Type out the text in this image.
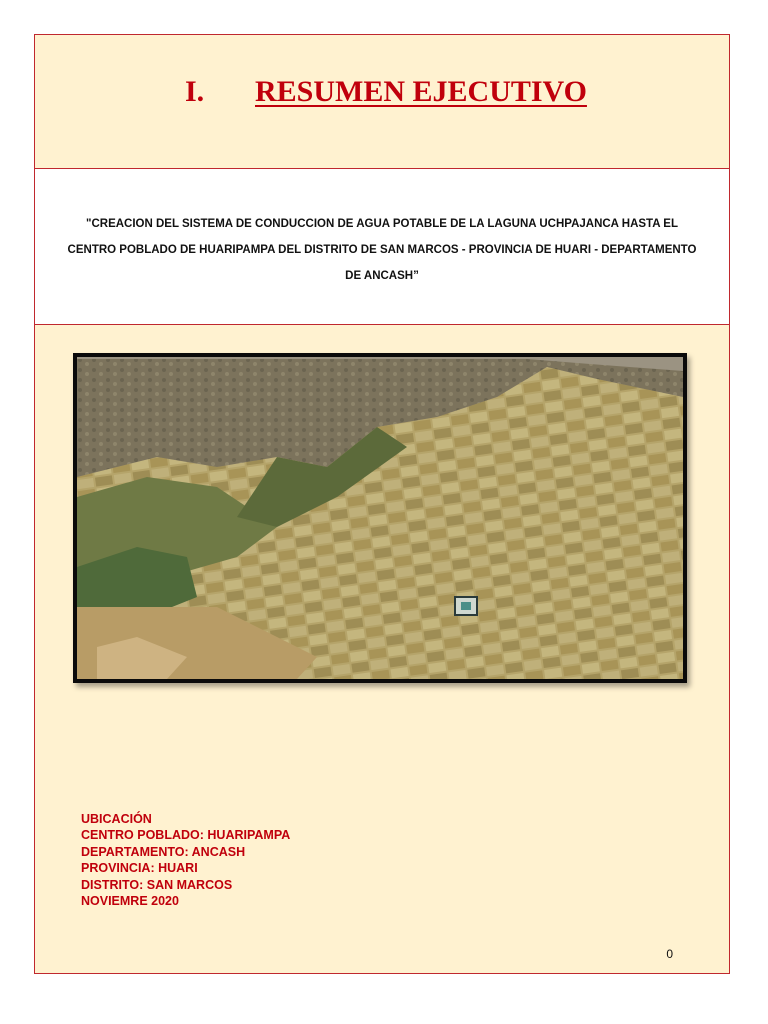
I. RESUMEN EJECUTIVO

"CREACION DEL SISTEMA DE CONDUCCION DE AGUA POTABLE DE LA LAGUNA UCHPAJANCA HASTA EL CENTRO POBLADO DE HUARIPAMPA DEL DISTRITO DE SAN MARCOS - PROVINCIA DE HUARI - DEPARTAMENTO DE ANCASH”

UBICACIÓN
CENTRO POBLADO: HUARIPAMPA
DEPARTAMENTO: ANCASH
PROVINCIA: HUARI
DISTRITO: SAN MARCOS
NOVIEMRE 2020
0
